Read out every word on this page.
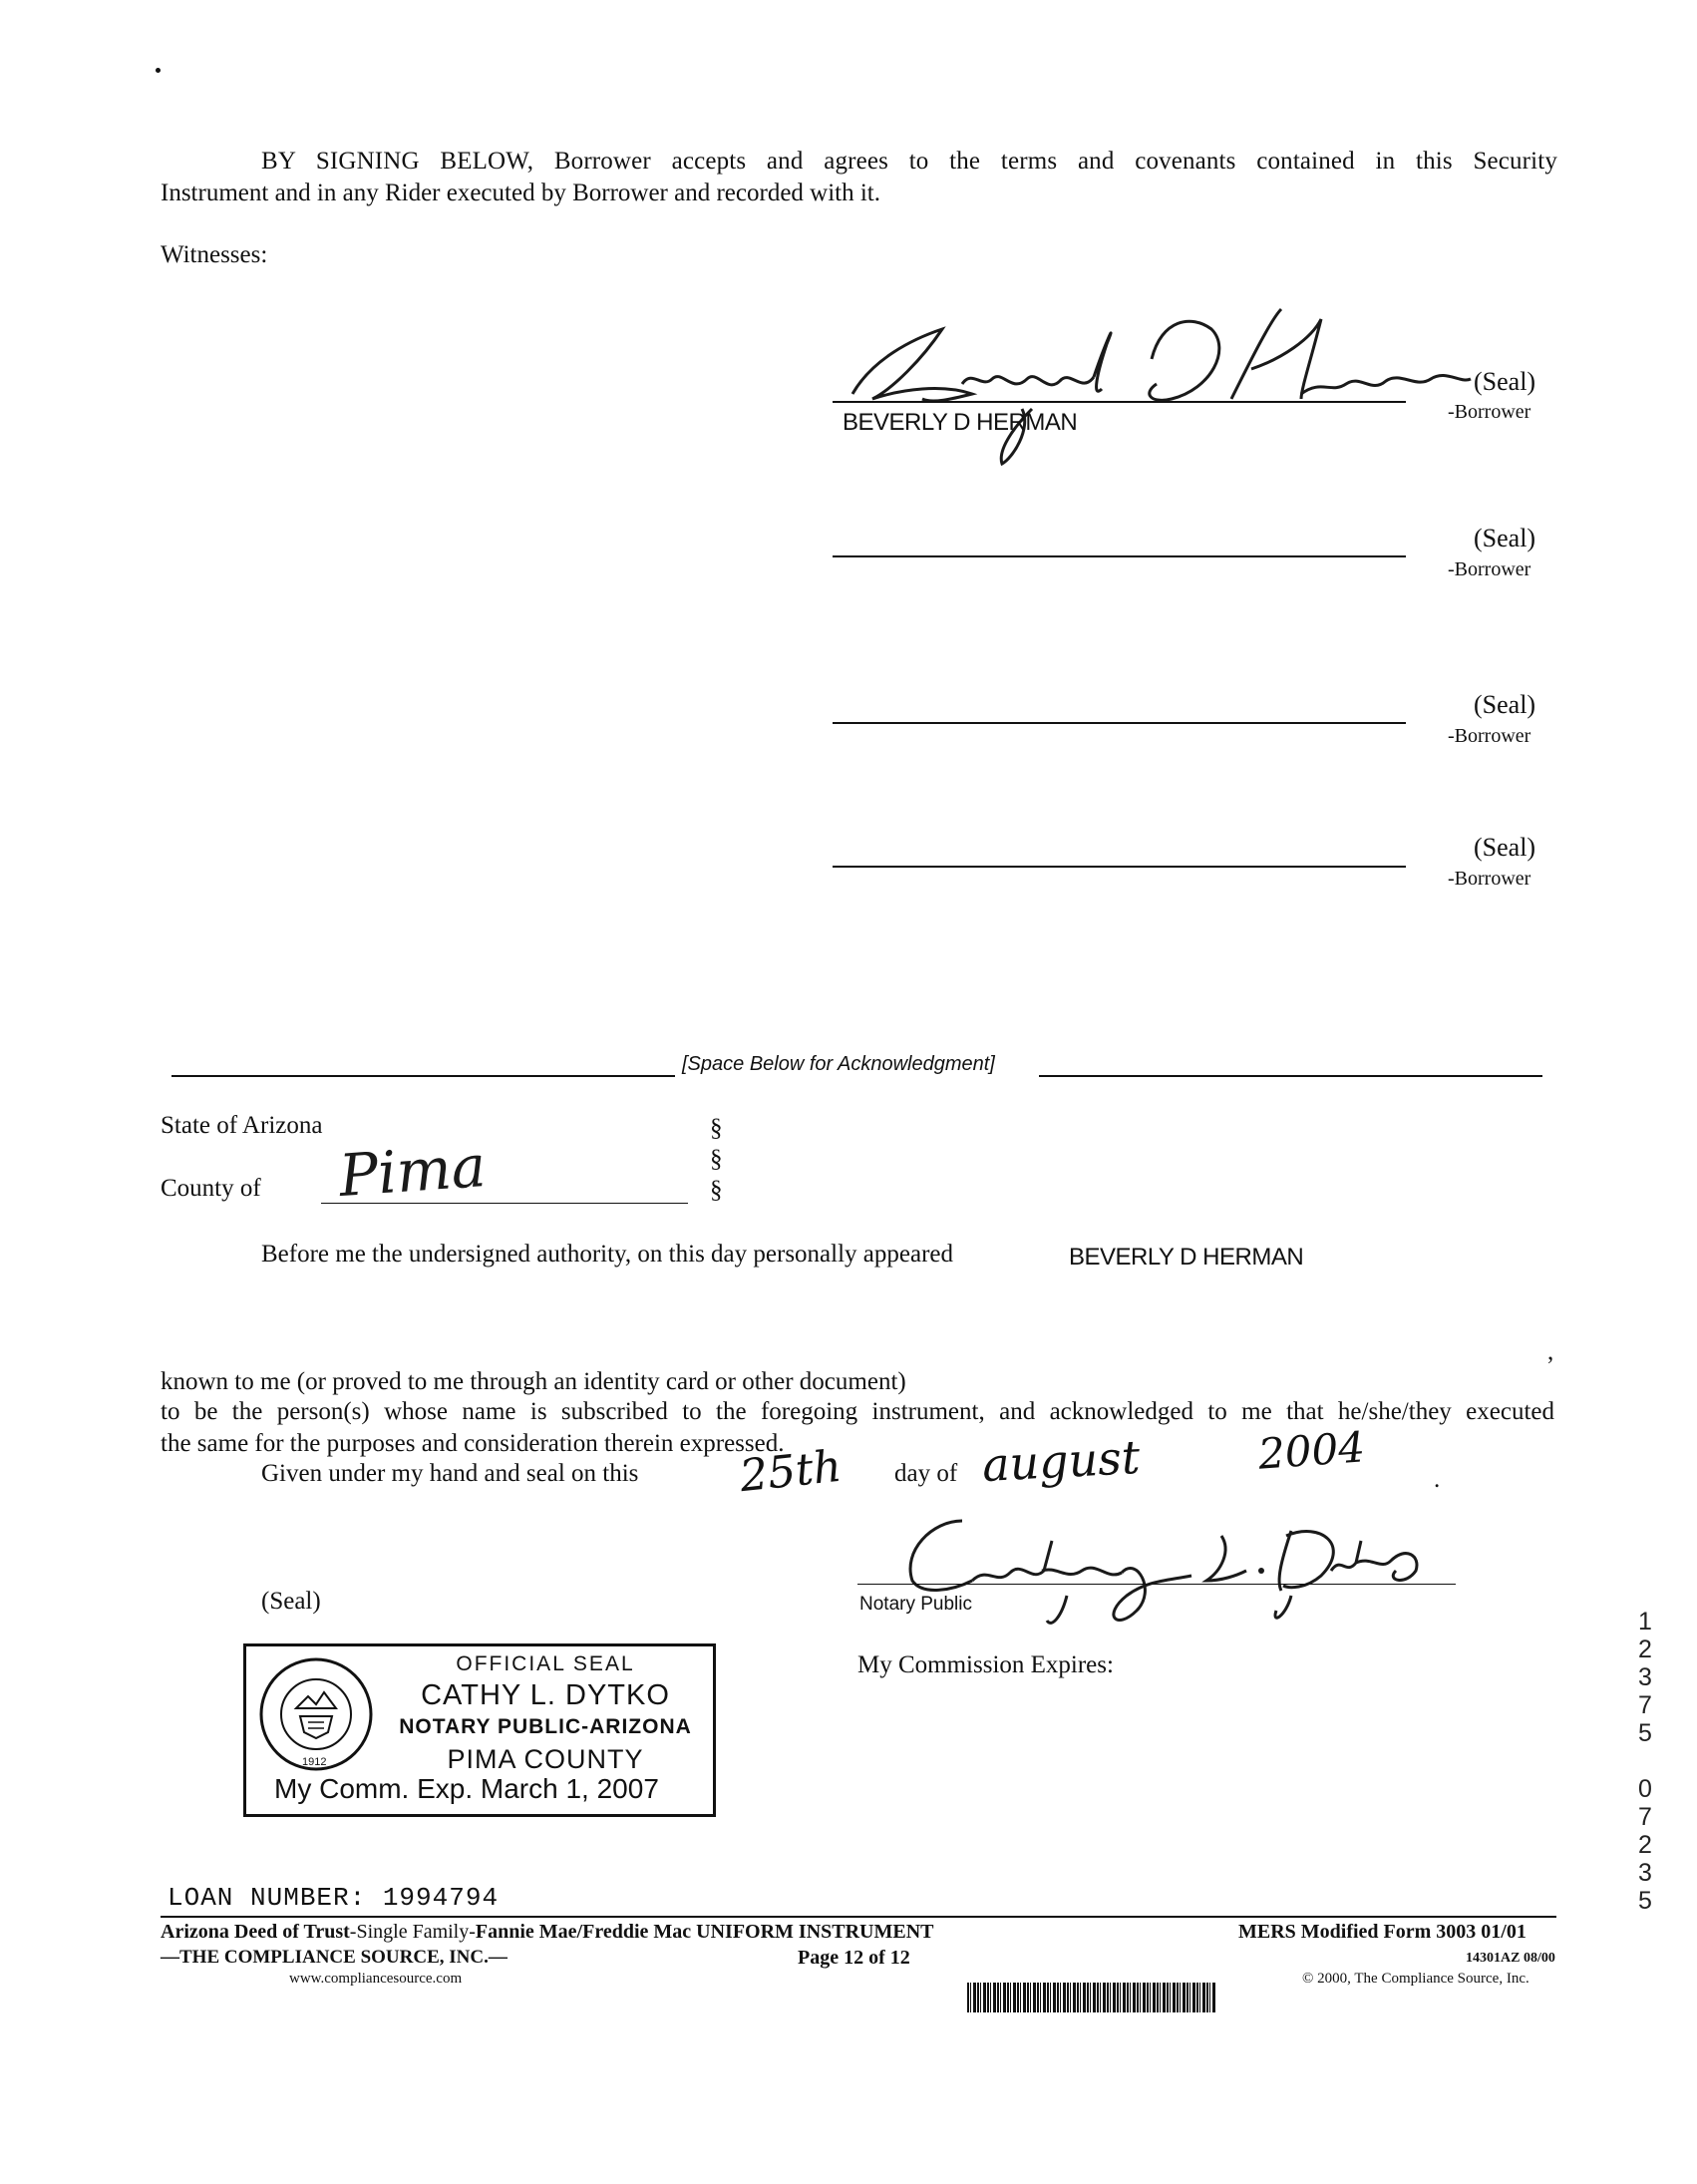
BY SIGNING BELOW, Borrower accepts and agrees to the terms and covenants contained in this Security
Instrument and in any Rider executed by Borrower and recorded with it.
Witnesses:
(Seal)
BEVERLY D HERMAN	-Borrower
(Seal)
-Borrower
(Seal)
-Borrower
(Seal)
-Borrower
[Space Below for Acknowledgment]
State of Arizona
County of Pima
§
§
§
Before me the undersigned authority, on this day personally appeared	BEVERLY D HERMAN
,
known to me (or proved to me through an identity card or other document)
to be the person(s) whose name is subscribed to the foregoing instrument, and acknowledged to me that he/she/they executed
the same for the purposes and consideration therein expressed.
Given under my hand and seal on this 25th day of august	2004
.
Notary Public
(Seal)
My Commission Expires:
1912
OFFICIAL SEAL
CATHY L. DYTKO
NOTARY PUBLIC-ARIZONA
PIMA COUNTY
My Comm. Exp. March 1, 2007
1
2
3
7
5
0
7
2
3
5
LOAN NUMBER: 1994794
Arizona Deed of Trust-Single Family-Fannie Mae/Freddie Mac UNIFORM INSTRUMENT	MERS Modified Form 3003 01/01
—THE COMPLIANCE SOURCE, INC.—	Page 12 of 12	14301AZ 08/00
www.compliancesource.com	© 2000, The Compliance Source, Inc.
